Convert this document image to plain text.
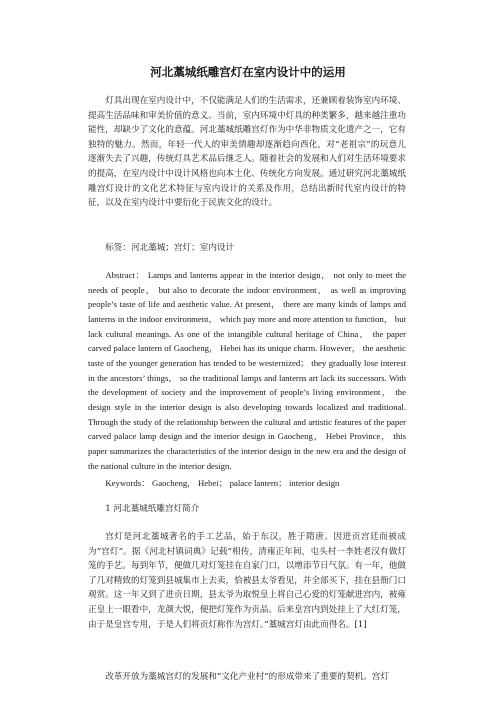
河北藁城纸雕宫灯在室内设计中的运用
灯具出现在室内设计中，不仅能满足人们的生活需求，还兼顾着装饰室内环境、提高生活品味和审美价值的意义。当前，室内环境中灯具的种类繁多，越来越注重功能性，却缺少了文化的意蕴。河北藁城纸雕宫灯作为中华非物质文化遗产之一，它有独特的魅力。然而，年轻一代人的审美情趣却逐渐趋向西化，对“老祖宗”的玩意儿逐渐失去了兴趣，传统灯具艺术品后继乏人。随着社会的发展和人们对生活环境要求的提高，在室内设计中设计风格也向本土化、传统化方向发展。通过研究河北藁城纸雕宫灯设计的文化艺术特征与室内设计的关系及作用，总结出新时代室内设计的特征，以及在室内设计中要衍化于民族文化的设计。
标签：河北藁城；宫灯；室内设计
Abstract： Lamps and lanterns appear in the interior design， not only to meet the needs of people， but also to decorate the indoor environment， as well as improving people’s taste of life and aesthetic value. At present， there are many kinds of lamps and lanterns in the indoor environment， which pay more and more attention to function， but lack cultural meanings. As one of the intangible cultural heritage of China， the paper carved palace lantern of Gaocheng， Hebei has its unique charm. However， the aesthetic taste of the younger generation has tended to be westernized； they gradually lose interest in the ancestors’ things， so the traditional lamps and lanterns art lack its successors. With the development of society and the improvement of people’s living environment， the design style in the interior design is also developing towards localized and traditional. Through the study of the relationship between the cultural and artistic features of the paper carved palace lamp design and the interior design in Gaocheng， Hebei Province， this paper summarizes the characteristics of the interior design in the new era and the design of the national culture in the interior design.
Keywords： Gaocheng， Hebei； palace lantern； interior design
1 河北藁城纸雕宫灯简介
宫灯是河北藁城著名的手工艺品，始于东汉，胜于隋唐。因进贡宫廷而被成为“宫灯”。据《河北村镇词典》记载“相传，清雍正年间，屯头村一李姓老汉有做灯笼的手艺。每到年节，便做几对灯笼挂在自家门口，以增添节日气氛。有一年，他做了几对精致的灯笼到县城集市上去卖，恰被县太爷看见，并全部买下，挂在县衙门口观赏。这一年又到了进贡日期，县太爷为取悦皇上将自己心爱的灯笼献进宫内，被雍正皇上一眼看中，龙颜大悦，便把灯笼作为贡品。后来皇宫内到处挂上了大红灯笼，由于是皇宫专用，于是人们将贡灯称作为宫灯。”藁城宫灯由此而得名。[1]
改革开放为藁城宫灯的发展和“文化产业村”的形成带来了重要的契机。宫灯
